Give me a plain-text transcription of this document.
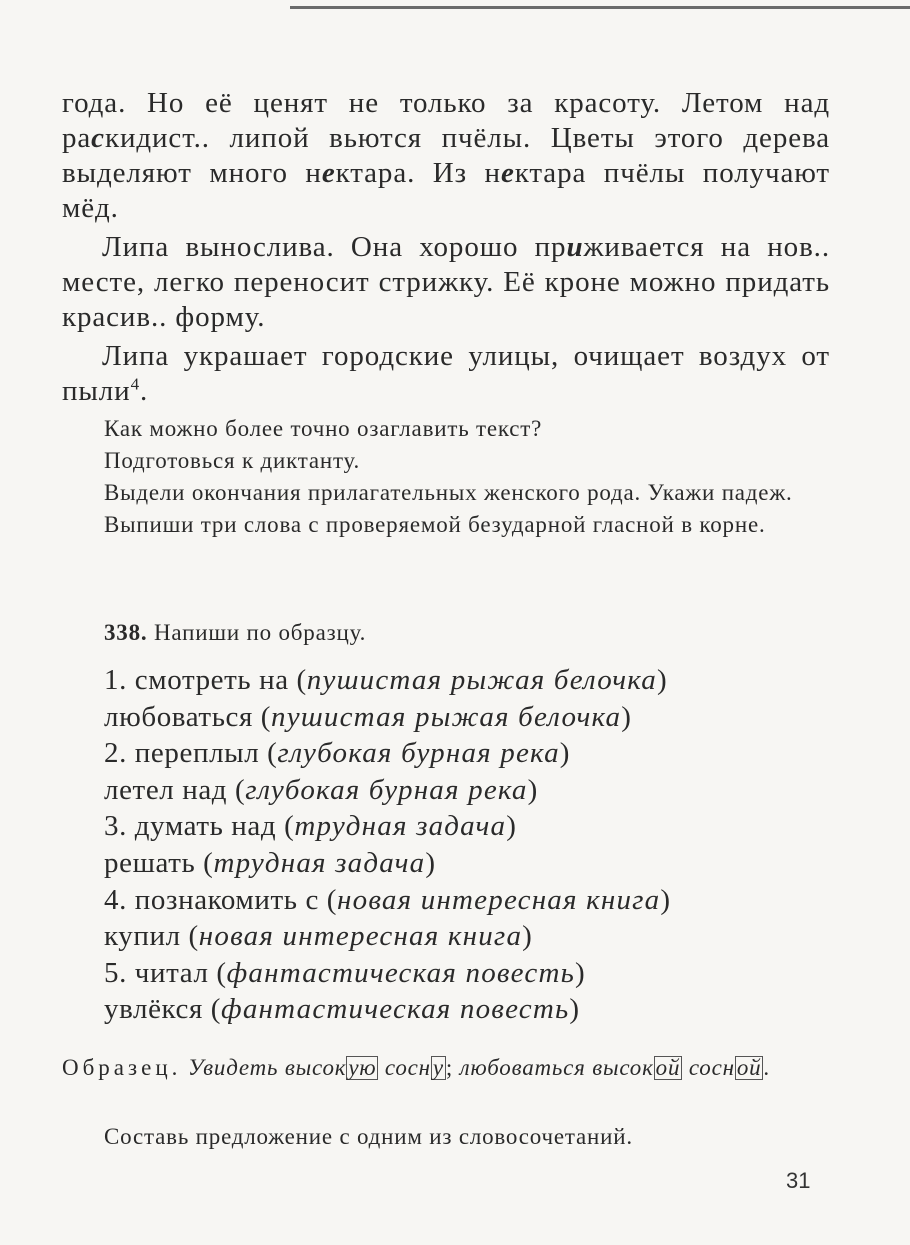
года. Но её ценят не только за красоту. Летом над раскидист.. липой вьются пчёлы. Цветы этого дерева выделяют много нектара. Из нектара пчёлы получают мёд.

Липа вынослива. Она хорошо приживается на нов.. месте, легко переносит стрижку. Её кроне можно придать красив.. форму.

Липа украшает городские улицы, очищает воздух от пыли$^4$.

Как можно более точно озаглавить текст?

Подготовься к диктанту.

Выдели окончания прилагательных женского рода. Укажи падеж.

Выпиши три слова с проверяемой безударной гласной в корне.

338. Напиши по образцу.
1. смотреть на (пушистая рыжая белочка)
любоваться (пушистая рыжая белочка)
2. переплыл (глубокая бурная река)
летел над (глубокая бурная река)
3. думать над (трудная задача)
решать (трудная задача)
4. познакомить с (новая интересная книга)
купил (новая интересная книга)
5. читал (фантастическая повесть)
увлёкся (фантастическая повесть)
Образец. Увидеть высокую сосну; любоваться высокой сосной.
Составь предложение с одним из словосочетаний.
31
